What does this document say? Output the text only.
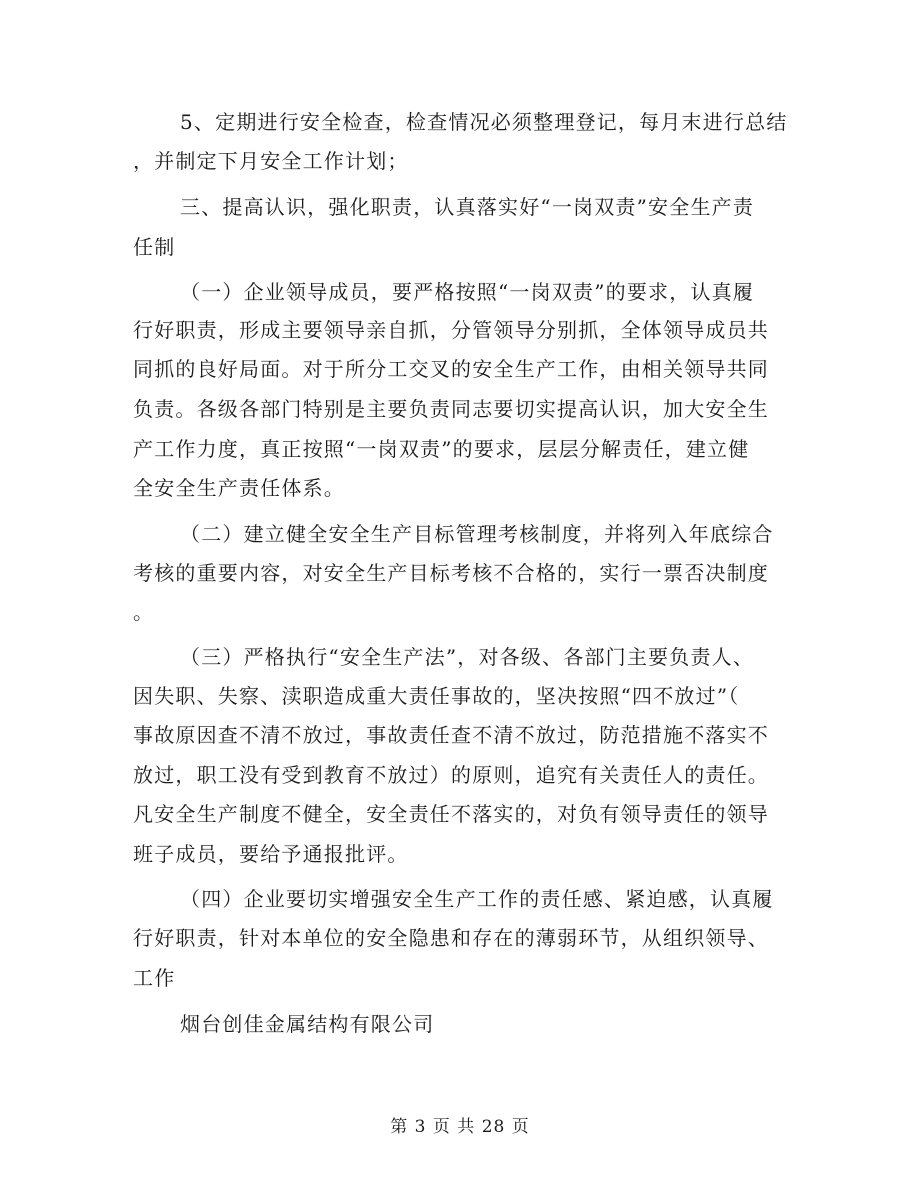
5、定期进行安全检查，检查情况必须整理登记，每月末进行总结
，并制定下月安全工作计划；
三、提高认识，强化职责，认真落实好“一岗双责”安全生产责
任制
（一）企业领导成员，要严格按照“一岗双责”的要求，认真履
行好职责，形成主要领导亲自抓，分管领导分别抓，全体领导成员共
同抓的良好局面。对于所分工交叉的安全生产工作，由相关领导共同
负责。各级各部门特别是主要负责同志要切实提高认识，加大安全生
产工作力度，真正按照“一岗双责”的要求，层层分解责任，建立健
全安全生产责任体系。
（二）建立健全安全生产目标管理考核制度，并将列入年底综合
考核的重要内容，对安全生产目标考核不合格的，实行一票否决制度
。
（三）严格执行“安全生产法”，对各级、各部门主要负责人、
因失职、失察、渎职造成重大责任事故的，坚决按照“四不放过”（
事故原因查不清不放过，事故责任查不清不放过，防范措施不落实不
放过，职工没有受到教育不放过）的原则，追究有关责任人的责任。
凡安全生产制度不健全，安全责任不落实的，对负有领导责任的领导
班子成员，要给予通报批评。
（四）企业要切实增强安全生产工作的责任感、紧迫感，认真履
行好职责，针对本单位的安全隐患和存在的薄弱环节，从组织领导、
工作
烟台创佳金属结构有限公司
第 3 页 共 28 页
